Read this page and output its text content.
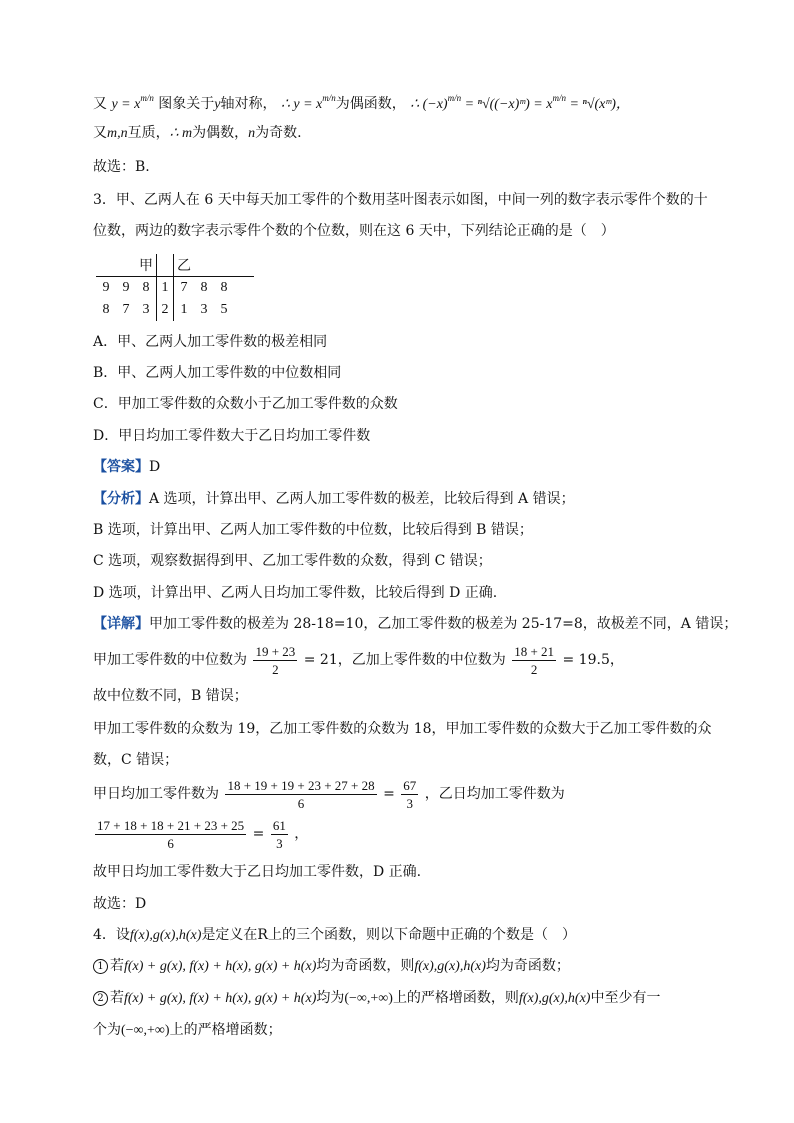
又 $y = x^{m/n}$ 图象关于y轴对称， ∴ $y = x^{m/n}$为偶函数， ∴ $(-x)^{m/n}$ = ⁿ√((−x)ᵐ) = $x^{m/n}$ = ⁿ√(xᵐ)，
又m,n互质，∴ m为偶数，n为奇数.
故选：B.
3．甲、乙两人在 6 天中每天加工零件的个数用茎叶图表示如图，中间一列的数字表示零件个数的十
位数，两边的数字表示零件个数的个位数，则在这 6 天中，下列结论正确的是（　）
		甲		乙			
9	9	8	1	7	8	8	
8	7	3	2	1	3	5	
A．甲、乙两人加工零件数的极差相同
B．甲、乙两人加工零件数的中位数相同
C．甲加工零件数的众数小于乙加工零件数的众数
D．甲日均加工零件数大于乙日均加工零件数
【答案】D
【分析】A 选项，计算出甲、乙两人加工零件数的极差，比较后得到 A 错误；
B 选项，计算出甲、乙两人加工零件数的中位数，比较后得到 B 错误；
C 选项，观察数据得到甲、乙加工零件数的众数，得到 C 错误；
D 选项，计算出甲、乙两人日均加工零件数，比较后得到 D 正确.
【详解】甲加工零件数的极差为 28-18=10，乙加工零件数的极差为 25-17=8，故极差不同，A 错误；
甲加工零件数的中位数为 $\frac{19 + 23}{2} = 21$，乙加上零件数的中位数为 $\frac{18 + 21}{2} = 19.5$，
故中位数不同，B 错误；
甲加工零件数的众数为 19，乙加工零件数的众数为 18，甲加工零件数的众数大于乙加工零件数的众
数，C 错误；
甲日均加工零件数为 $\frac{18 + 19 + 19 + 23 + 27 + 28}{6} = \frac{67}{3}$ ，乙日均加工零件数为
$\frac{17 + 18 + 18 + 21 + 23 + 25}{6} = \frac{61}{3}$ ，
故甲日均加工零件数大于乙日均加工零件数，D 正确.
故选：D
4．设f(x),g(x),h(x)是定义在R上的三个函数，则以下命题中正确的个数是（　）
1 若f(x) + g(x), f(x) + h(x), g(x) + h(x)均为奇函数，则f(x),g(x),h(x)均为奇函数；
2 若f(x) + g(x), f(x) + h(x), g(x) + h(x)均为(−∞,+∞)上的严格增函数，则f(x),g(x),h(x)中至少有一
个为(−∞,+∞)上的严格增函数；
